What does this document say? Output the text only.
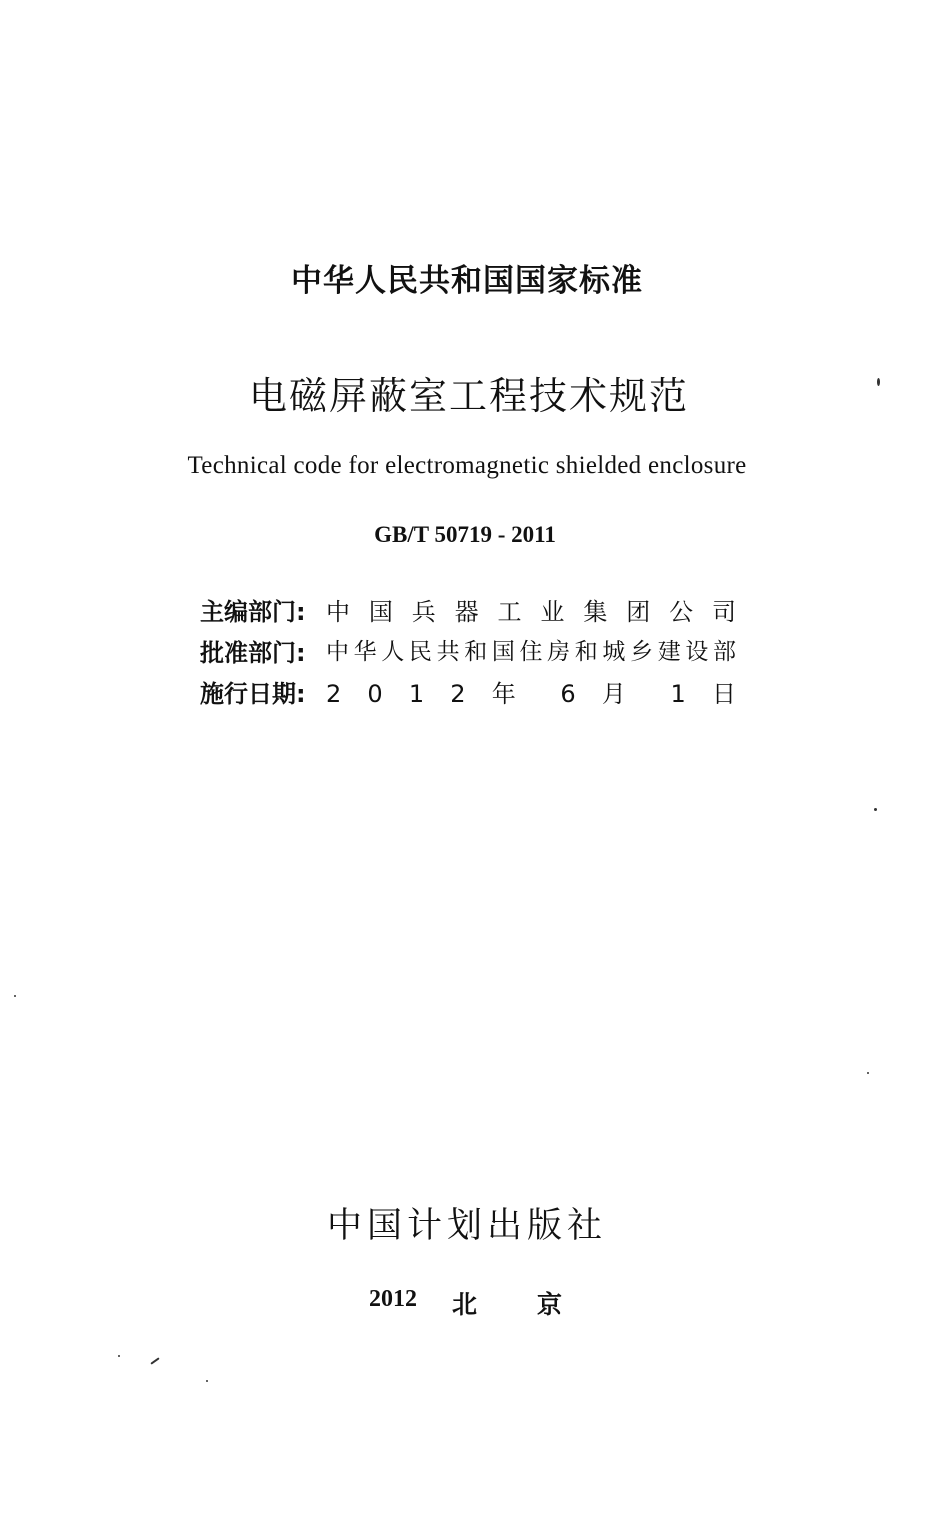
中华人民共和国国家标准
电磁屏蔽室工程技术规范
Technical code for electromagnetic shielded enclosure
GB/T 50719 - 2011
主编部门: 中 国 兵 器 工 业 集 团 公 司
批准部门: 中华人民共和国住房和城乡建设部
施行日期: 2 0 1 2 年 6 月 1 日
中国计划出版社
2012 北 京
